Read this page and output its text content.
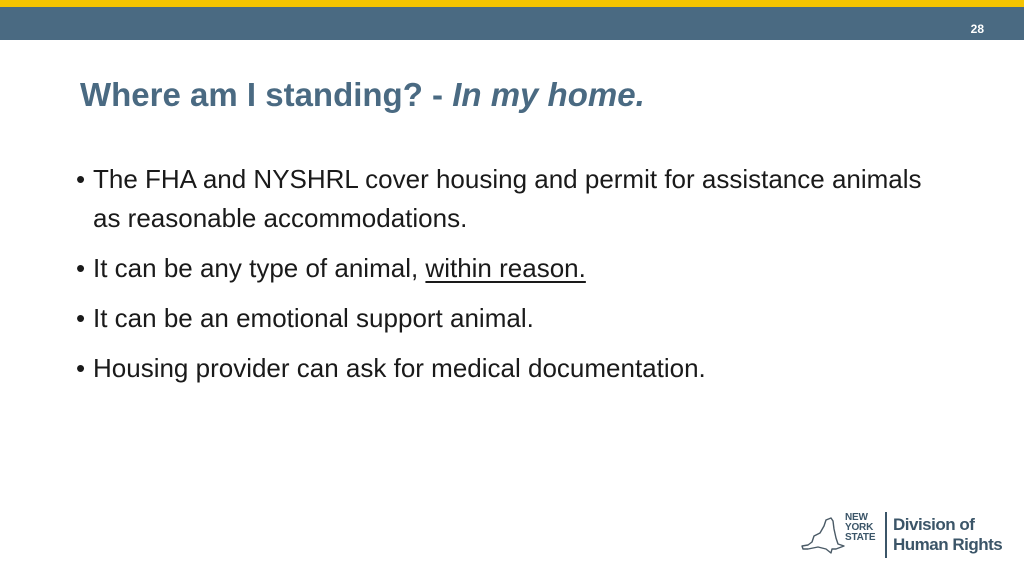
28
Where am I standing? - In my home.
• The FHA and NYSHRL cover housing and permit for assistance animals as reasonable accommodations.
• It can be any type of animal, within reason.
• It can be an emotional support animal.
• Housing provider can ask for medical documentation.
NEW
YORK
STATE
Division of
Human Rights
